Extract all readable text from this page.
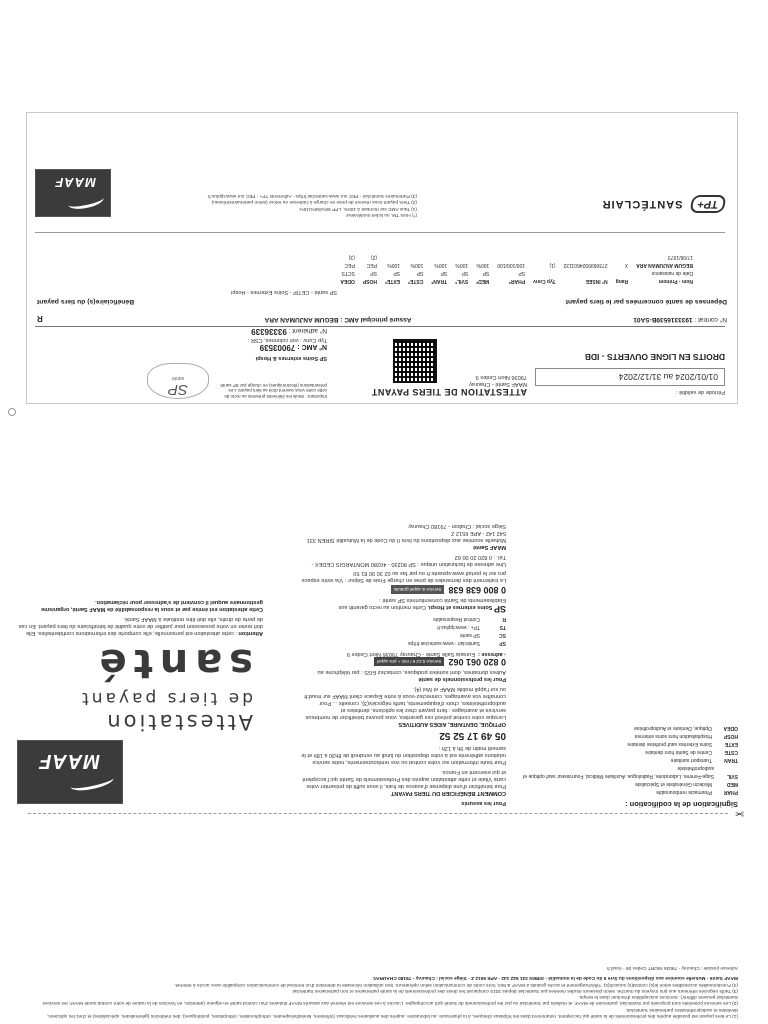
(1) Le tiers payant est possible auprès des professionnels de la santé qui l'acceptent, notamment dans les hôpitaux cliniques, à la pharmacie, au laboratoire, auprès des auxiliaires médicaux (infirmiers, kinésithérapeutes, orthophonistes, orthoptistes, podologues), des médecins (généralistes, spécialistes) et chez les opticiens, dentistes et audioprothésistes partenaires Santéclair.
(2) Les services potentiels sont proposés par Santéclair, partenaire de MAAF, et réalisés par Santéclair ou par les professionnels de Santé qu'il accompagne. L'accès à ces services est réservé aux assurés MAAF titulaires d'un contrat santé en vigueur (attention, en fonction de la nature de votre contrat santé MAAF, les services Santéclair peuvent différer). Services susceptibles d'évoluer dans le temps.
(3) Tarifs négociés inférieurs aux prix moyens du marché, selon plusieurs études menées par Santéclair depuis 2019 comparant les devis des professionnels de la santé partenaires et non partenaires Santéclair.
(4) Fonctionnalités accessibles selon le(s) contrat(s) souscrit(s). Téléchargement et accès gratuits à MAAF & Moi, hors coûts de communication selon opérateurs. Son utilisation nécessite la détention d'un terminal de communication compatible avec accès à Internet.
MAAF Santé - Mutuelle soumise aux dispositions du livre II du Code de la mutualité - SIREN 331 542 142 - APE 6512 Z - Siège social : Chauray - 79180 CHAURAY.
Adresse postale : Chauray - 79036 NIORT Cedex 09 - maaf.fr
✂
Signification de la codification :
PHAR
Pharmacie remboursable
MED
Médecin Généraliste et Spécialiste
SVIL
Sage-Femme, Laboratoire, Radiologue, Auxiliaire Médical, Fournisseur sauf optique et audioprothésiste
TRAN
Transport sanitaire
CSTE
Centre de Santé hors dentaire
EXTE
Soins Externes sauf prothèse dentaire
HOSP
Hospitalisation hors soins externes
ODEA
Optique, Dentaire et Audioprothèse
Pour les assurés
COMMENT BÉNÉFICIER DU TIERS PAYANT
Pour bénéficier d'une dispense d'avance de frais, il vous suffit de présenter votre carte Vitale et cette attestation auprès des Professionnels de Santé qui l'acceptent et qui exercent en France.
Pour toute information sur votre contrat ou vos remboursements, notre service relations adhérents est à votre disposition du lundi au vendredi de 8h30 à 18h et le samedi matin de 9h à 12h :
05 49 17 52 52
OPTIQUE, DENTAIRE, AIDES AUDITIVES
Lorsque votre contrat prévoit ces garanties, vous pouvez bénéficier de nombreux services et avantages : tiers payant chez les opticiens, dentistes et audioprothésistes, choix d'équipements, tarifs négociés(3), conseils ... Pour connaître vos avantages, connectez-vous à votre Espace client MAAF sur maaf.fr ou sur l'appli mobile MAAF et Moi (4).
Pour les professionnels de santé
Autres domaines, dont soinées pratiques, contactez EGS : par téléphone au
0 820 061 062
Service 0,12 € / min + prix appel
- adresse :
Eurasia Salle Santé - Chauray 79036 Niort Cedex 9
SP
Santéclair : www.santeclair.fr/tps
SC
SP santé
TS
TP+ : www.tpplus.fr
R
Contrat Responsable
SP Soins externes et Hospi. Cette mention au recto garantit aux Etablissements de Santé conventionnés SP santé :
0 800 638 638
Service & appel gratuits
Le traitement des demandes de prise en charge Frais de Séjour : Via votre espace pro sur le portail www.spsante.fr ou par fax au 02 30 90 81 50
Une adresse de facturation unique : SP 80230 - 40280 MONTARGIS CEDEX - Tél. : 0 820 20 00 62
MAAF Santé
Mutuelle soumise aux dispositions du livre II du Code de la Mutualité SIREN 331 542 142 - APE 6512 Z
Siège social : Chabon - 79180 Chauray
MAAF
Attestation
de tiers payant
santé
Attention : cette attestation est personnelle, elle comporte des informations confidentielles. Elle doit rester en votre possession pour justifier de votre qualité de bénéficiaire du tiers payant. En cas de perte de droits, elle doit être restituée à MAAF Santé.
Cette attestation est émise par et sous la responsabilité de MAAF Santé, organisme gestionnaire auquel il convient de s'adresser pour réclamation.
ATTESTATION DE TIERS PAYANT
MAAF Santé - Chauray
79036 Niort Cedex 9
Période de validité :
01/01/2024 au 31/12/2024
DROITS EN LIGNE OUVERTS - IDB
Important : Seuls les éléments présents au recto de cette carte vous ouvrent droit au tiers payant. Les présentations (électroniques) en charge par SP santé.
SP
santé
SP Soins externes & Hospi
N° AMC : 79003539
Typ Conv : voir colonnes, CSR :
N° adhérent : 93336339
N° contrat : 1933316539B-SA01
Assuré principal AMC : BEGUM ANJUMAN ARA
R
Dépenses de santé concernées par le tiers payant
Bénéficiaire(s) du tiers payant
SP santé - CETIP - Soins Externes - Hospi
Nom - Prénom	Rang	N° INSEE	Typ Conv	PHAR*	MED*	SVIL*	TRAN*	CSTE*	EXTE*	HOSP	ODEA
Date de naissance				SP	SP	SP	SP	SP	SP	SP	SCTS
BEGUM ANJUMAN ARA	X	2730699924601132	(1)	100/100/100	100%	100%	100%	100%	100%	PEC	PEC
17/06/1973										(2)	(3)
TP+
SANTÉCLAIR
(*) Hors TM, ou ticket modérateur
(1) Taux AMC sur montant à 100%, LPP 90%/50%/15%
(2) Tiers payant sous réserve de prise en charge à l'adresse ou retour (selon partenaires/réseau)
(3) Partenaires Santéclair - PEC sur www.santeclair.fr/tps - Adhérents TP+ : PEC sur www.tpplus.fr
MAAF
